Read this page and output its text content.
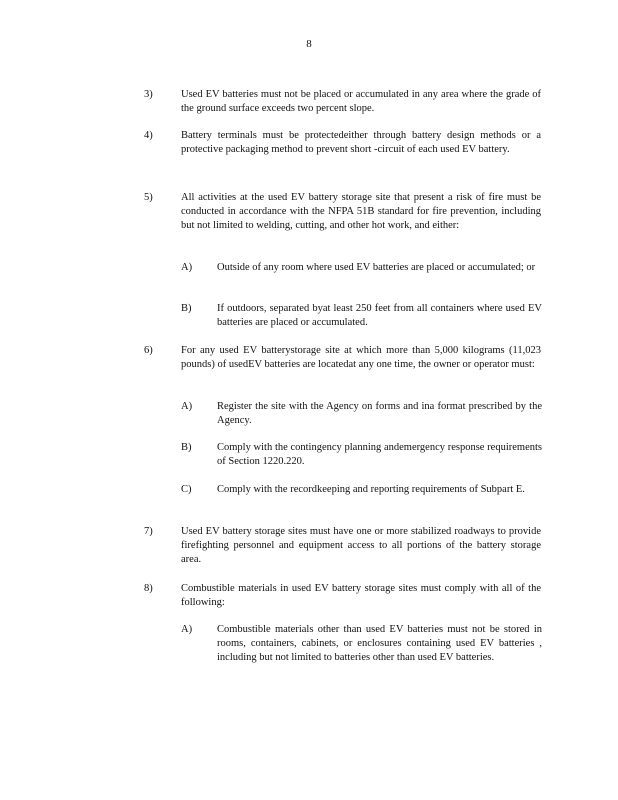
8
3)	Used EV batteries must not be placed or accumulated in any area where the grade of the ground surface exceeds two percent slope.
4)	Battery terminals must be protectedeither through battery design methods or a protective packaging method to prevent short -circuit of each used EV battery.
5)	All activities at the used EV battery storage site that present a risk of fire must be conducted in accordance with the NFPA 51B standard for fire prevention, including but not limited to welding, cutting, and other hot work, and either:
A) Outside of any room where used EV batteries are placed or accumulated; or
B) If outdoors, separated byat least 250 feet from all containers where used EV batteries are placed or accumulated.
6)	For any used EV batterystorage site at which more than 5,000 kilograms (11,023 pounds) of usedEV batteries are locatedat any one time, the owner or operator must:
A) Register the site with the Agency on forms and ina format prescribed by the Agency.
B) Comply with the contingency planning andemergency response requirements of Section 1220.220.
C) Comply with the recordkeeping and reporting requirements of Subpart E.
7)	Used EV battery storage sites must have one or more stabilized roadways to provide firefighting personnel and equipment access to all portions of the battery storage area.
8)	Combustible materials in used EV battery storage sites must comply with all of the following:
A) Combustible materials other than used EV batteries must not be stored in rooms, containers, cabinets, or enclosures containing used EV batteries , including but not limited to batteries other than used EV batteries.
